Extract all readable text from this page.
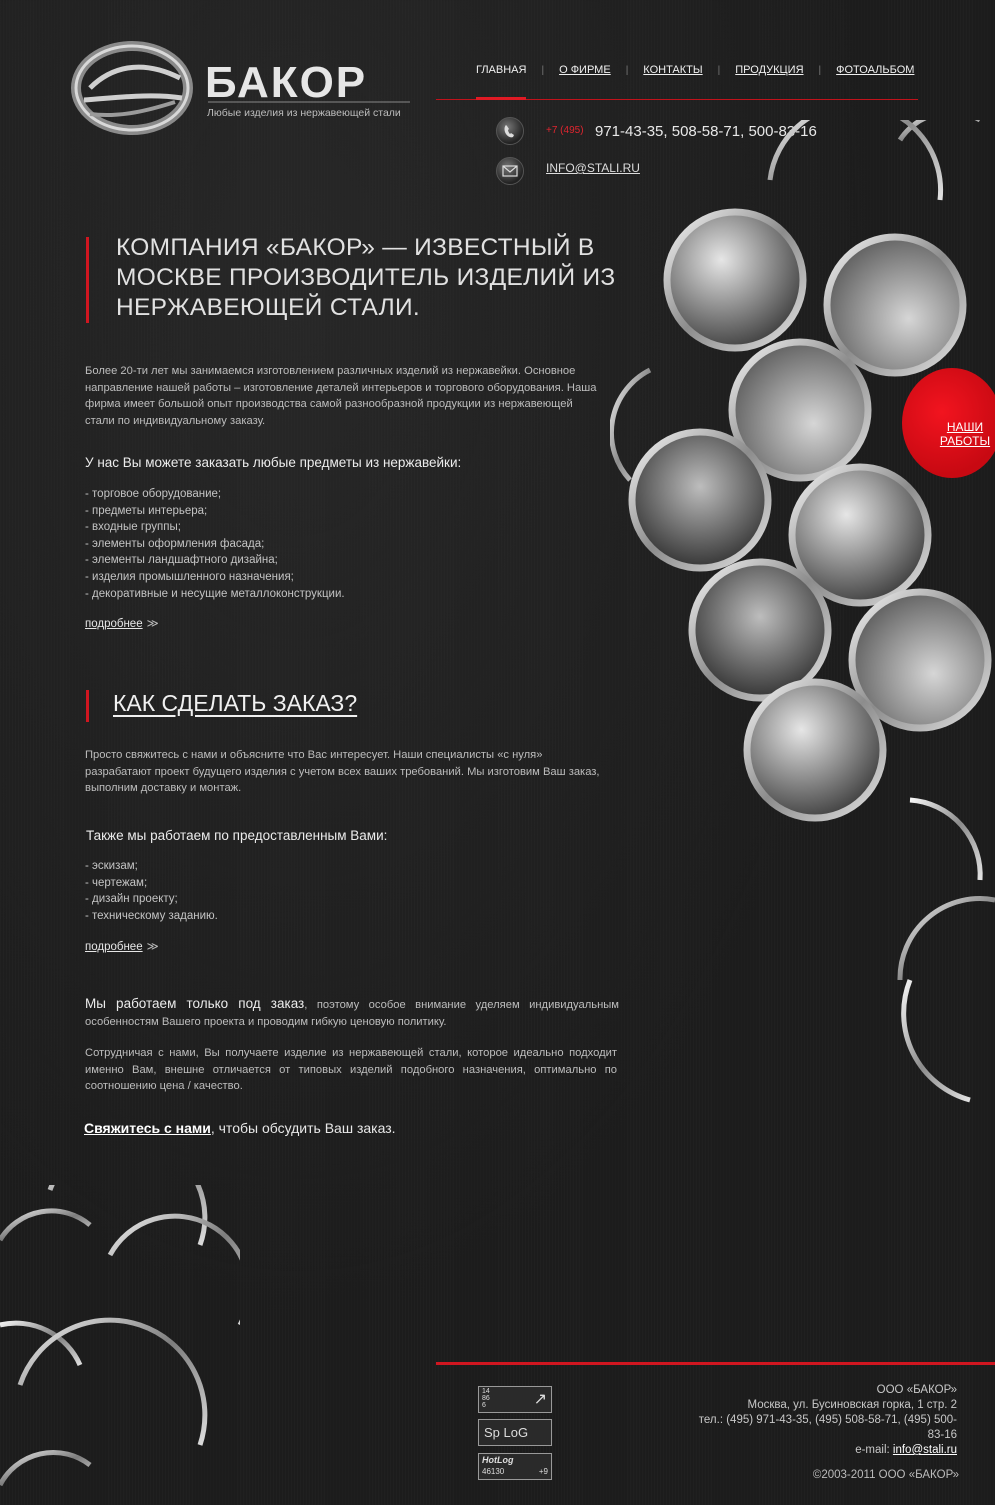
БАКОР
Любые изделия из нержавеющей стали
ГЛАВНАЯ | О ФИРМЕ | КОНТАКТЫ | ПРОДУКЦИЯ | ФОТОАЛЬБОМ
+7 (495) 971-43-35, 508-58-71, 500-83-16
INFO@STALI.RU
КОМПАНИЯ «БАКОР» — ИЗВЕСТНЫЙ В МОСКВЕ ПРОИЗВОДИТЕЛЬ ИЗДЕЛИЙ ИЗ НЕРЖАВЕЮЩЕЙ СТАЛИ.

Более 20-ти лет мы занимаемся изготовлением различных изделий из нержавейки. Основное направление нашей работы – изготовление деталей интерьеров и торгового оборудования. Наша фирма имеет большой опыт производства самой разнообразной продукции из нержавеющей стали по индивидуальному заказу.

У нас Вы можете заказать любые предметы из нержавейки:
- торговое оборудование;
- предметы интерьера;
- входные группы;
- элементы оформления фасада;
- элементы ландшафтного дизайна;
- изделия промышленного назначения;
- декоративные и несущие металлоконструкции.
подробнее ≫
КАК СДЕЛАТЬ ЗАКАЗ?

Просто свяжитесь с нами и объясните что Вас интересует. Наши специалисты «с нуля» разрабатают проект будущего изделия с учетом всех ваших требований. Мы изготовим Ваш заказ, выполним доставку и монтаж.

Также мы работаем по предоставленным Вами:
- эскизам;
- чертежам;
- дизайн проекту;
- техническому заданию.
подробнее ≫

Мы работаем только под заказ, поэтому особое внимание уделяем индивидуальным особенностям Вашего проекта и проводим гибкую ценовую политику.

Сотрудничая с нами, Вы получаете изделие из нержавеющей стали, которое идеально подходит именно Вам, внешне отличается от типовых изделий подобного назначения, оптимально по соотношению цена / качество.

Свяжитесь с нами, чтобы обсудить Ваш заказ.
НАШИ РАБОТЫ
14
86
6	↗
Sp LoG
HotLog
46130	+9
ООО «БАКОР»
Москва, ул. Бусиновская горка, 1 стр. 2
тел.: (495) 971-43-35, (495) 508-58-71, (495) 500-83-16
e-mail: info@stali.ru
©2003-2011 ООО «БАКОР»
